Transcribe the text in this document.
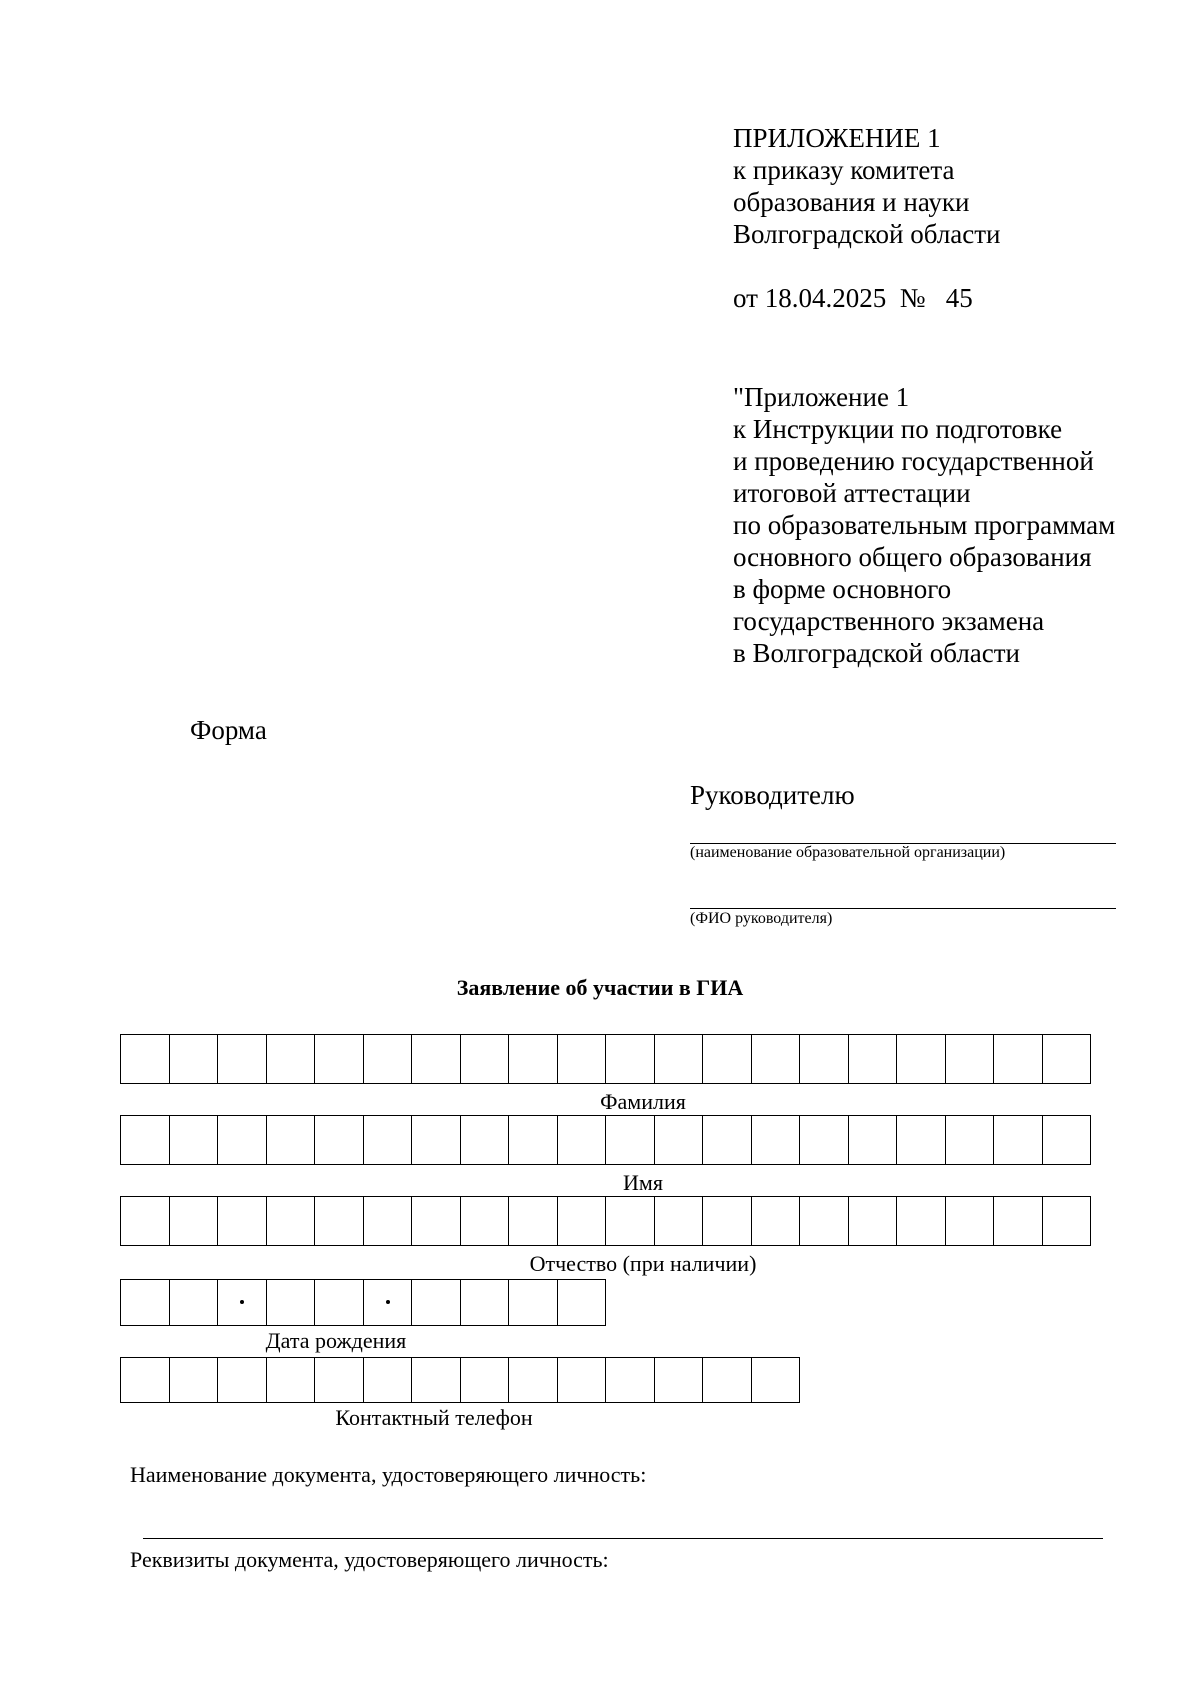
ПРИЛОЖЕНИЕ 1
к приказу комитета
образования и науки
Волгоградской области
от 18.04.2025  №   45
"Приложение 1
к Инструкции по подготовке
и проведению государственной
итоговой аттестации
по образовательным программам
основного общего образования
в форме основного
государственного экзамена
в Волгоградской области
Форма
Руководителю
(наименование образовательной организации)
(ФИО руководителя)
Заявление об участии в ГИА
Фамилия
Имя
Отчество (при наличии)
Дата рождения
Контактный телефон
Наименование документа, удостоверяющего личность:
Реквизиты документа, удостоверяющего личность:
